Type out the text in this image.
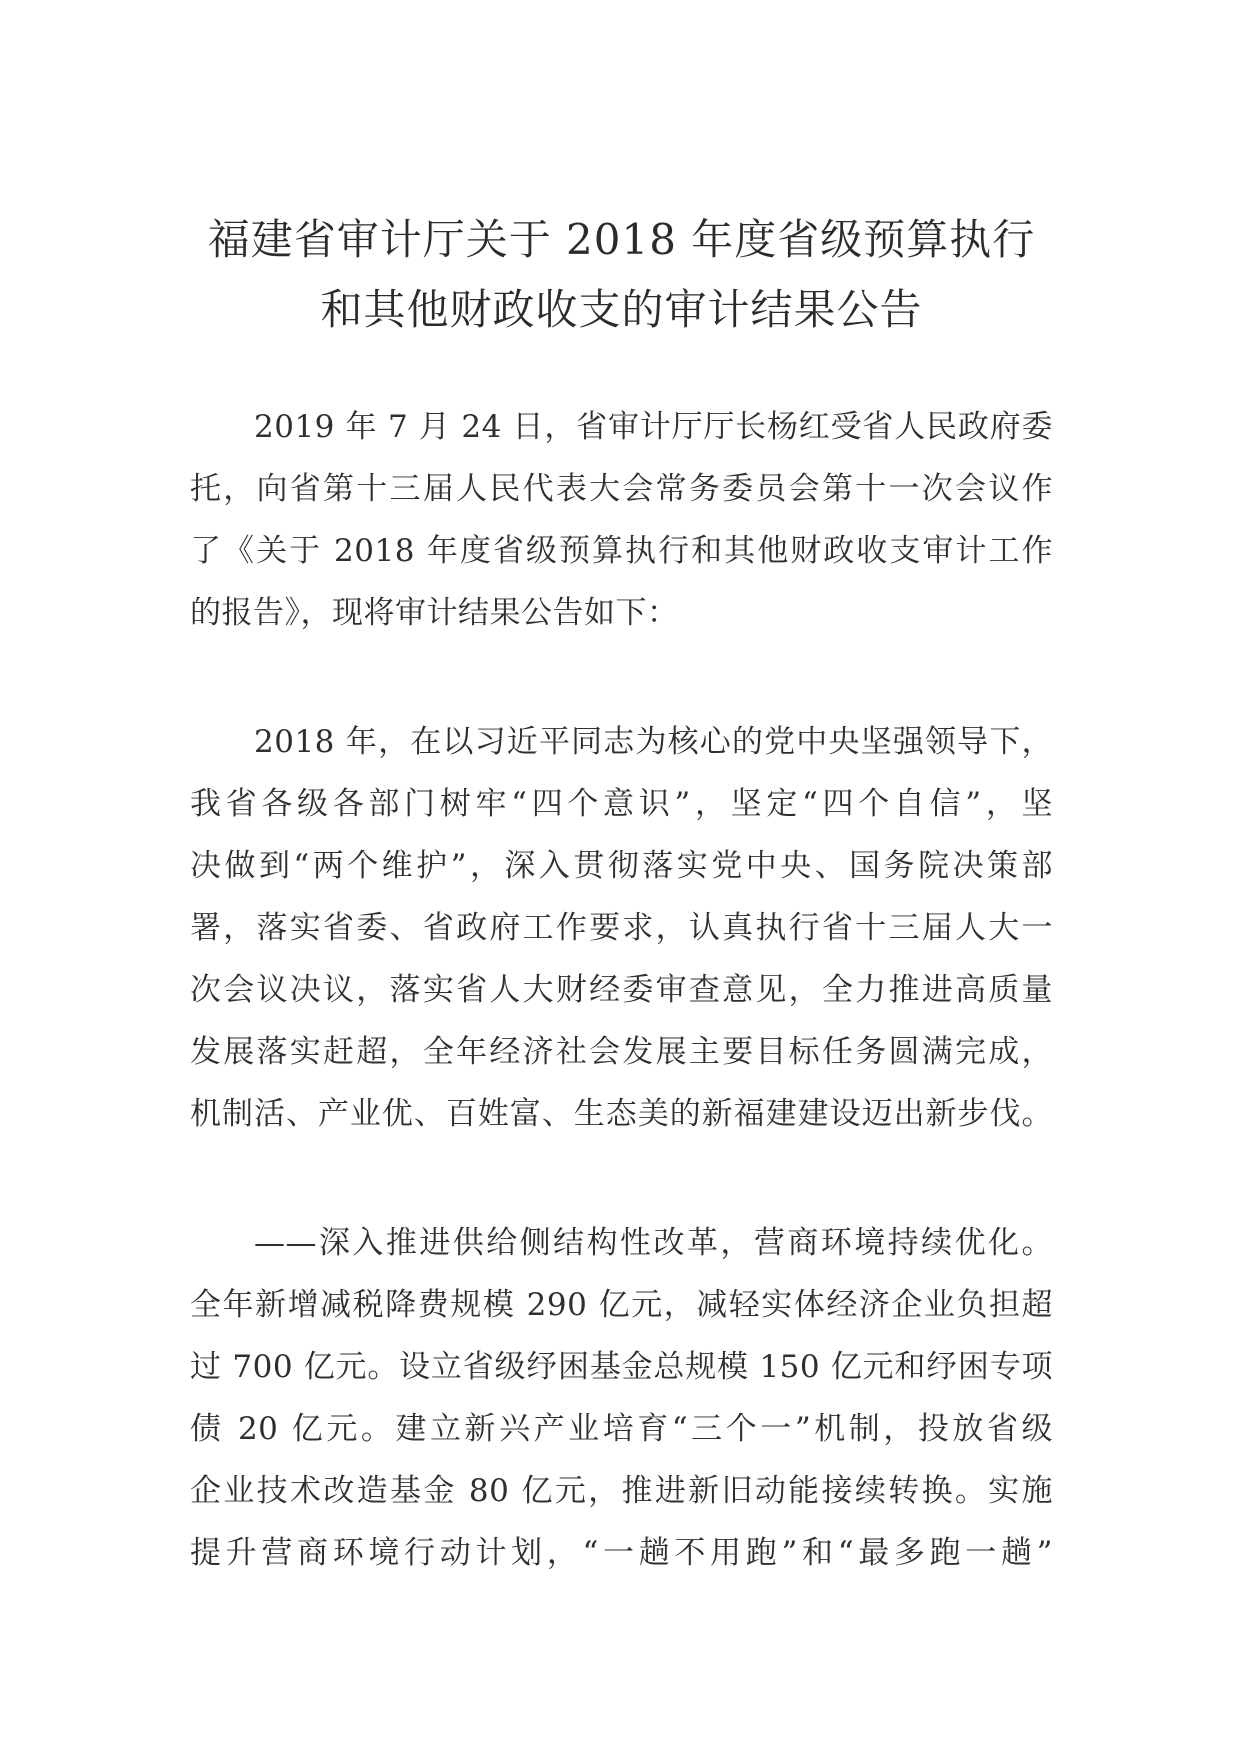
福建省审计厅关于 2018 年度省级预算执行
和其他财政收支的审计结果公告
2019 年 7 月 24 日，省审计厅厅长杨红受省人民政府委
托，向省第十三届人民代表大会常务委员会第十一次会议作
了《关于 2018 年度省级预算执行和其他财政收支审计工作
的报告》，现将审计结果公告如下：
2018 年，在以习近平同志为核心的党中央坚强领导下，
我省各级各部门树牢“四个意识”，坚定“四个自信”，坚
决做到“两个维护”，深入贯彻落实党中央、国务院决策部
署，落实省委、省政府工作要求，认真执行省十三届人大一
次会议决议，落实省人大财经委审查意见，全力推进高质量
发展落实赶超，全年经济社会发展主要目标任务圆满完成，
机制活、产业优、百姓富、生态美的新福建建设迈出新步伐。
——深入推进供给侧结构性改革，营商环境持续优化。
全年新增减税降费规模 290 亿元，减轻实体经济企业负担超
过 700 亿元。设立省级纾困基金总规模 150 亿元和纾困专项
债 20 亿元。建立新兴产业培育“三个一”机制，投放省级
企业技术改造基金 80 亿元，推进新旧动能接续转换。实施
提升营商环境行动计划，“一趟不用跑”和“最多跑一趟”
